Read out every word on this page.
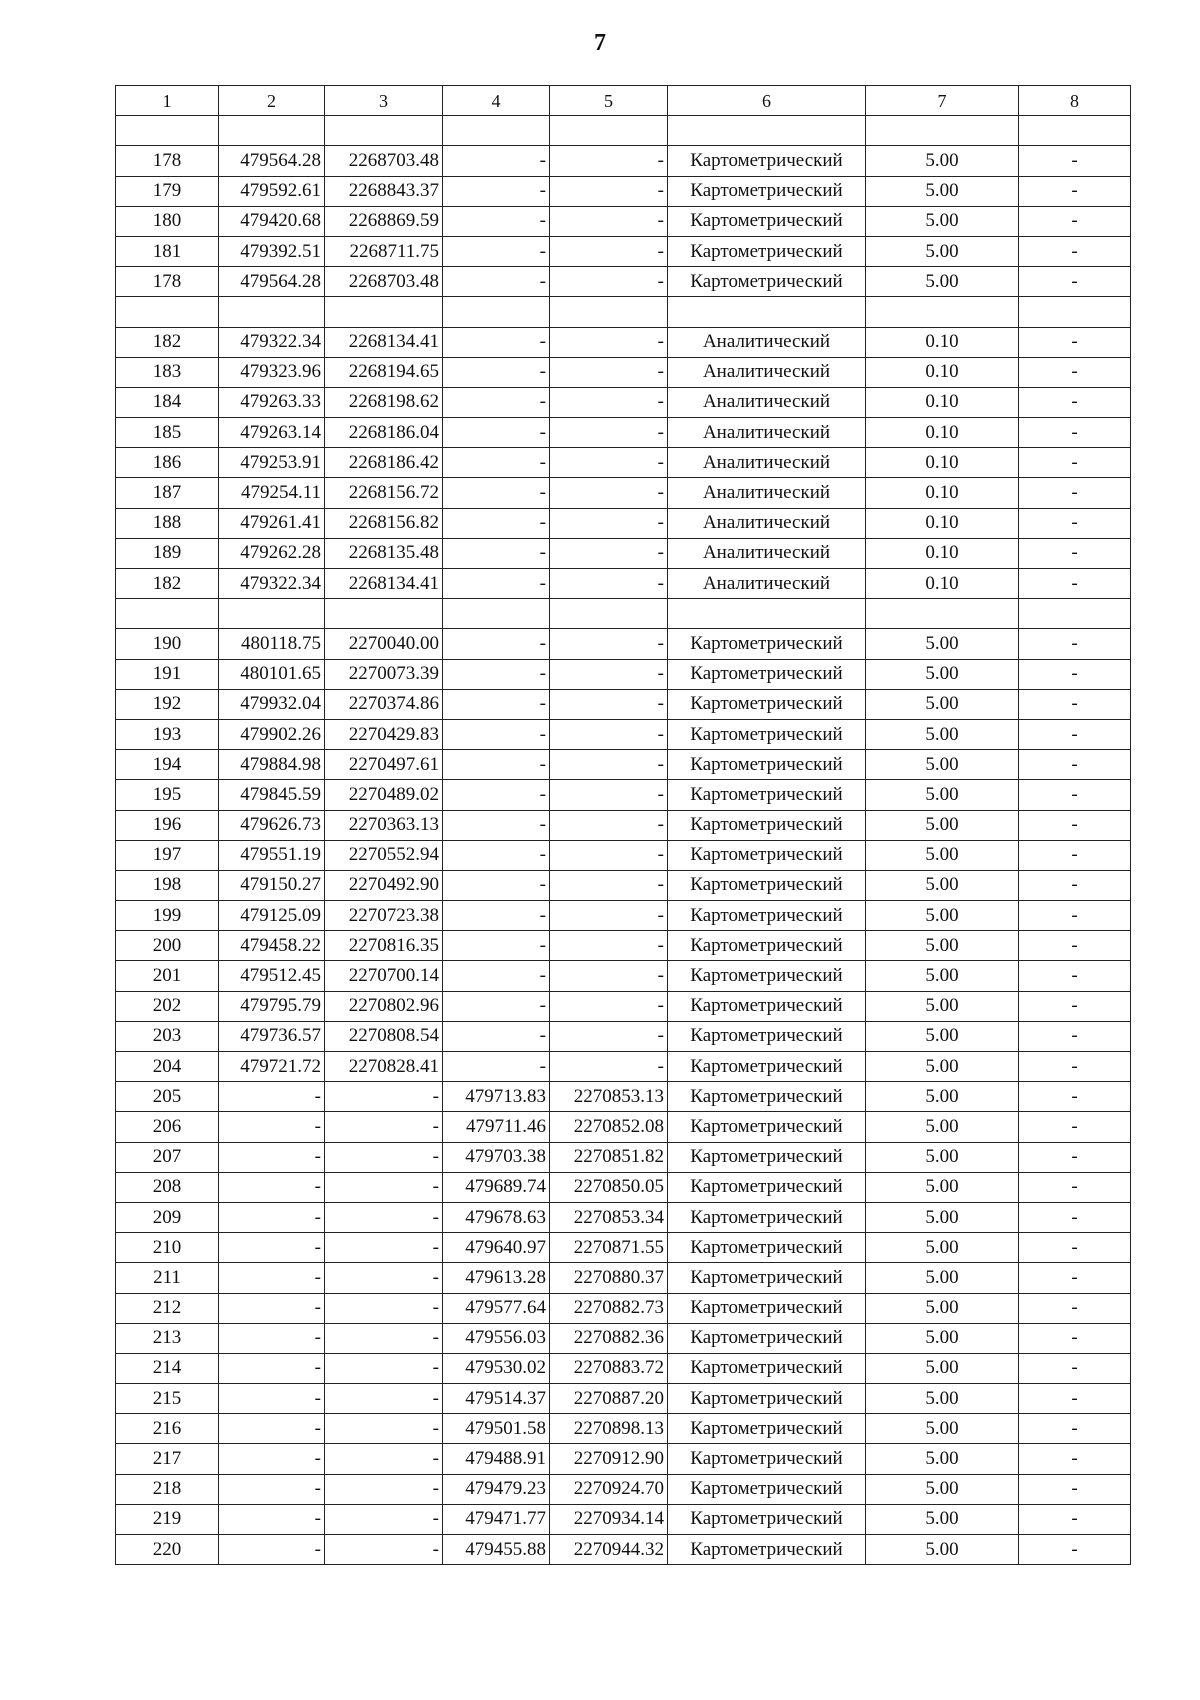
7
1	2	3	4	5	6	7	8

178	479564.28	2268703.48	-	-	Картометрический	5.00	-
179	479592.61	2268843.37	-	-	Картометрический	5.00	-
180	479420.68	2268869.59	-	-	Картометрический	5.00	-
181	479392.51	2268711.75	-	-	Картометрический	5.00	-
178	479564.28	2268703.48	-	-	Картометрический	5.00	-

182	479322.34	2268134.41	-	-	Аналитический	0.10	-
183	479323.96	2268194.65	-	-	Аналитический	0.10	-
184	479263.33	2268198.62	-	-	Аналитический	0.10	-
185	479263.14	2268186.04	-	-	Аналитический	0.10	-
186	479253.91	2268186.42	-	-	Аналитический	0.10	-
187	479254.11	2268156.72	-	-	Аналитический	0.10	-
188	479261.41	2268156.82	-	-	Аналитический	0.10	-
189	479262.28	2268135.48	-	-	Аналитический	0.10	-
182	479322.34	2268134.41	-	-	Аналитический	0.10	-

190	480118.75	2270040.00	-	-	Картометрический	5.00	-
191	480101.65	2270073.39	-	-	Картометрический	5.00	-
192	479932.04	2270374.86	-	-	Картометрический	5.00	-
193	479902.26	2270429.83	-	-	Картометрический	5.00	-
194	479884.98	2270497.61	-	-	Картометрический	5.00	-
195	479845.59	2270489.02	-	-	Картометрический	5.00	-
196	479626.73	2270363.13	-	-	Картометрический	5.00	-
197	479551.19	2270552.94	-	-	Картометрический	5.00	-
198	479150.27	2270492.90	-	-	Картометрический	5.00	-
199	479125.09	2270723.38	-	-	Картометрический	5.00	-
200	479458.22	2270816.35	-	-	Картометрический	5.00	-
201	479512.45	2270700.14	-	-	Картометрический	5.00	-
202	479795.79	2270802.96	-	-	Картометрический	5.00	-
203	479736.57	2270808.54	-	-	Картометрический	5.00	-
204	479721.72	2270828.41	-	-	Картометрический	5.00	-
205	-	-	479713.83	2270853.13	Картометрический	5.00	-
206	-	-	479711.46	2270852.08	Картометрический	5.00	-
207	-	-	479703.38	2270851.82	Картометрический	5.00	-
208	-	-	479689.74	2270850.05	Картометрический	5.00	-
209	-	-	479678.63	2270853.34	Картометрический	5.00	-
210	-	-	479640.97	2270871.55	Картометрический	5.00	-
211	-	-	479613.28	2270880.37	Картометрический	5.00	-
212	-	-	479577.64	2270882.73	Картометрический	5.00	-
213	-	-	479556.03	2270882.36	Картометрический	5.00	-
214	-	-	479530.02	2270883.72	Картометрический	5.00	-
215	-	-	479514.37	2270887.20	Картометрический	5.00	-
216	-	-	479501.58	2270898.13	Картометрический	5.00	-
217	-	-	479488.91	2270912.90	Картометрический	5.00	-
218	-	-	479479.23	2270924.70	Картометрический	5.00	-
219	-	-	479471.77	2270934.14	Картометрический	5.00	-
220	-	-	479455.88	2270944.32	Картометрический	5.00	-
